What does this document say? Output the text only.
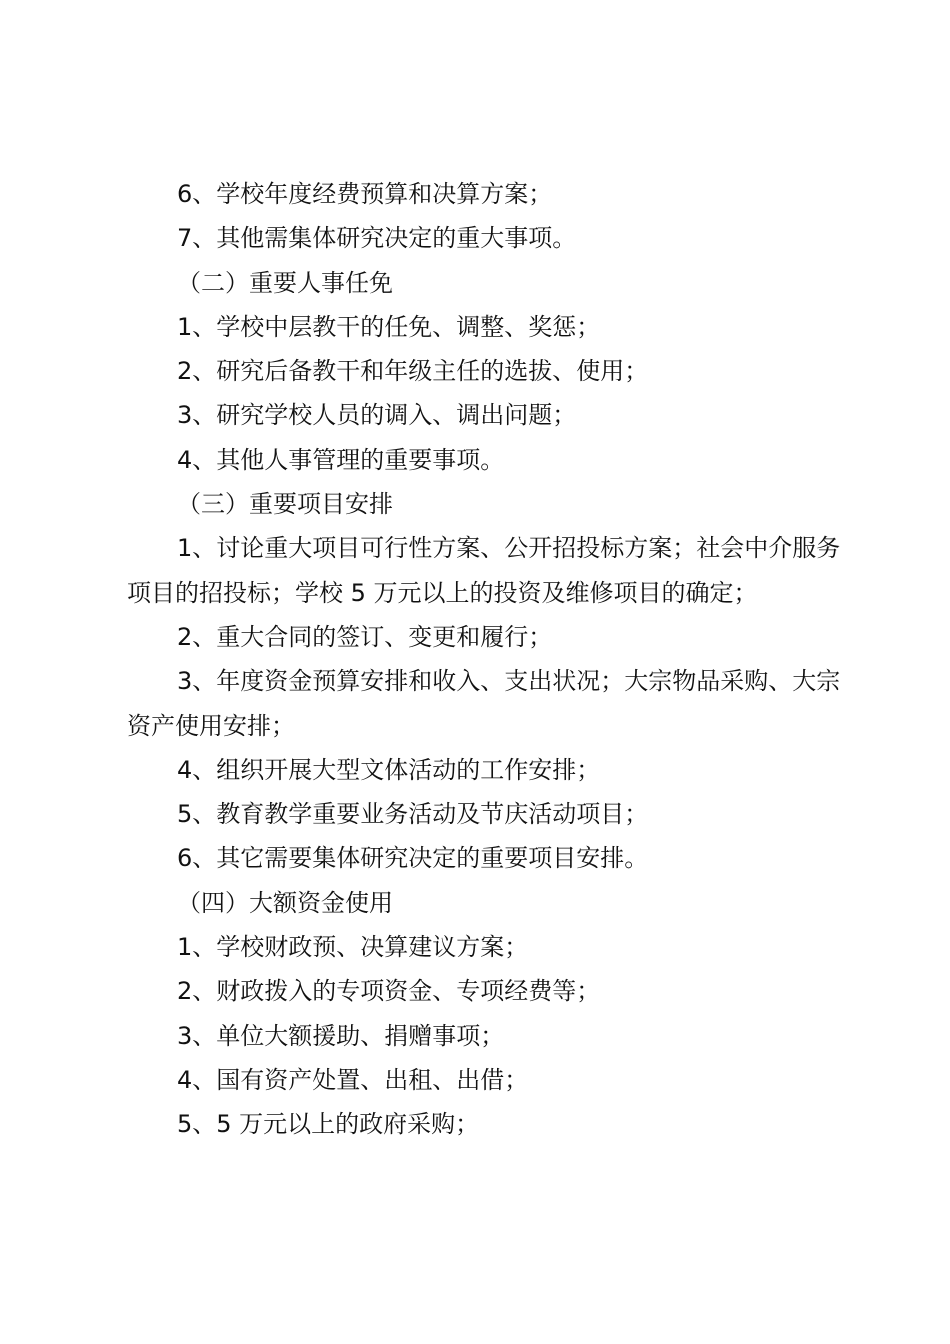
6、学校年度经费预算和决算方案；

7、其他需集体研究决定的重大事项。

（二）重要人事任免

1、学校中层教干的任免、调整、奖惩；

2、研究后备教干和年级主任的选拔、使用；

3、研究学校人员的调入、调出问题；

4、其他人事管理的重要事项。

（三）重要项目安排

1、讨论重大项目可行性方案、公开招投标方案；社会中介服务项目的招投标；学校 5 万元以上的投资及维修项目的确定；

2、重大合同的签订、变更和履行；

3、年度资金预算安排和收入、支出状况；大宗物品采购、大宗资产使用安排；

4、组织开展大型文体活动的工作安排；

5、教育教学重要业务活动及节庆活动项目；

6、其它需要集体研究决定的重要项目安排。

（四）大额资金使用

1、学校财政预、决算建议方案；

2、财政拨入的专项资金、专项经费等；

3、单位大额援助、捐赠事项；

4、国有资产处置、出租、出借；

5、5 万元以上的政府采购；
